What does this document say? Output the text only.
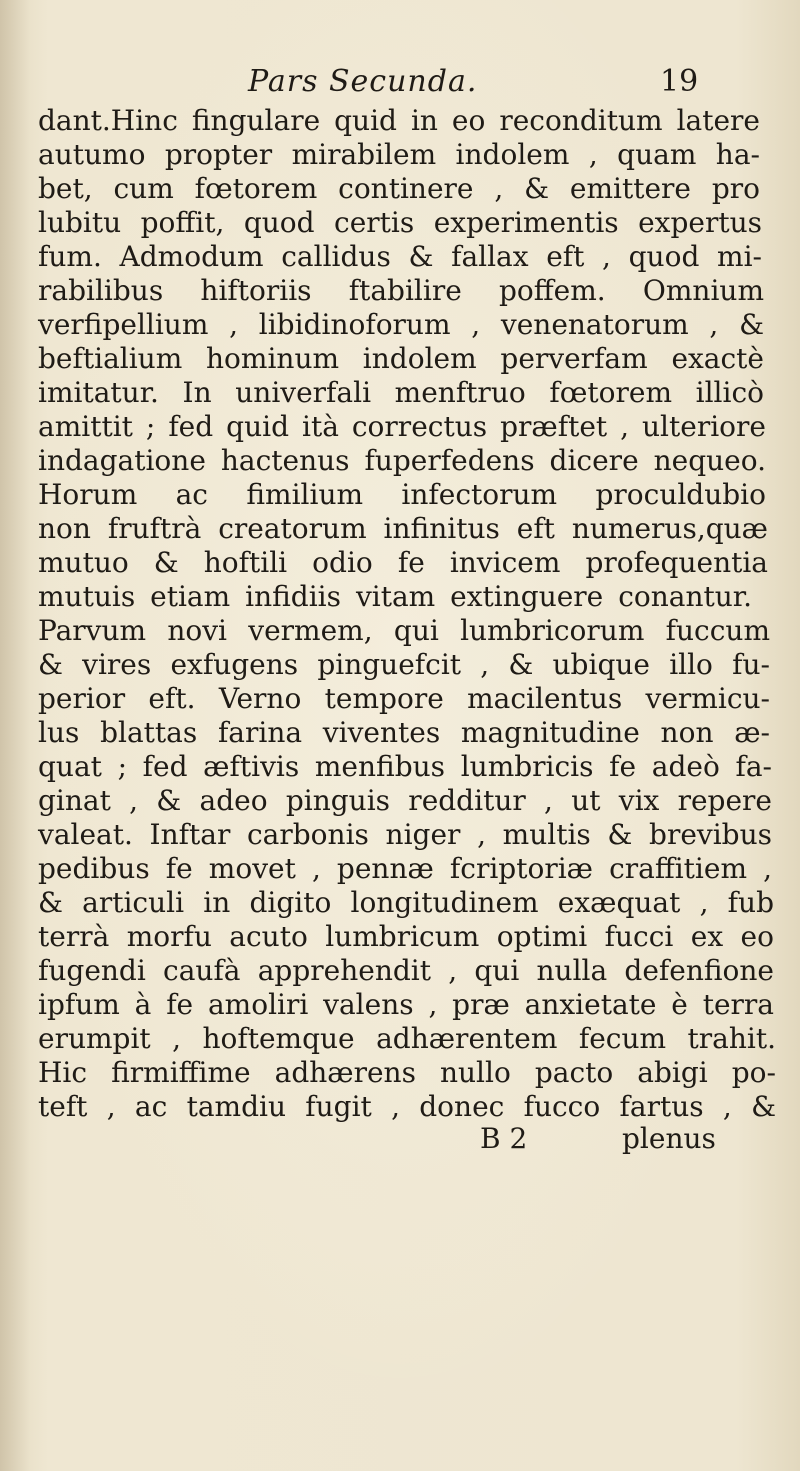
Pars Secunda.	19
dant.Hinc fingulare quid in eo reconditum latere
autumo propter mirabilem indolem , quam ha-
bet, cum fœtorem continere , & emittere pro
lubitu poffit, quod certis experimentis expertus
fum. Admodum callidus & fallax eft , quod mi-
rabilibus hiftoriis ftabilire poffem. Omnium
verfipellium , libidinoforum , venenatorum , &
beftialium hominum indolem perverfam exactè
imitatur. In univerfali menftruo fœtorem illicò
amittit ; fed quid ità correctus præftet , ulteriore
indagatione hactenus fuperfedens dicere nequeo.
Horum ac fimilium infectorum proculdubio
non fruftrà creatorum infinitus eft numerus,quæ
mutuo & hoftili odio fe invicem profequentia
mutuis etiam infidiis vitam extinguere conantur.
Parvum novi vermem, qui lumbricorum fuccum
& vires exfugens pinguefcit , & ubique illo fu-
perior eft. Verno tempore macilentus vermicu-
lus blattas farina viventes magnitudine non æ-
quat ; fed æftivis menfibus lumbricis fe adeò fa-
ginat , & adeo pinguis redditur , ut vix repere
valeat. Inftar carbonis niger , multis & brevibus
pedibus fe movet , pennæ fcriptoriæ craffitiem ,
& articuli in digito longitudinem exæquat , fub
terrà morfu acuto lumbricum optimi fucci ex eo
fugendi caufà apprehendit , qui nulla defenfione
ipfum à fe amoliri valens , præ anxietate è terra
erumpit , hoftemque adhærentem fecum trahit.
Hic firmiffime adhærens nullo pacto abigi po-
teft , ac tamdiu fugit , donec fucco fartus , &
B 2	plenus
